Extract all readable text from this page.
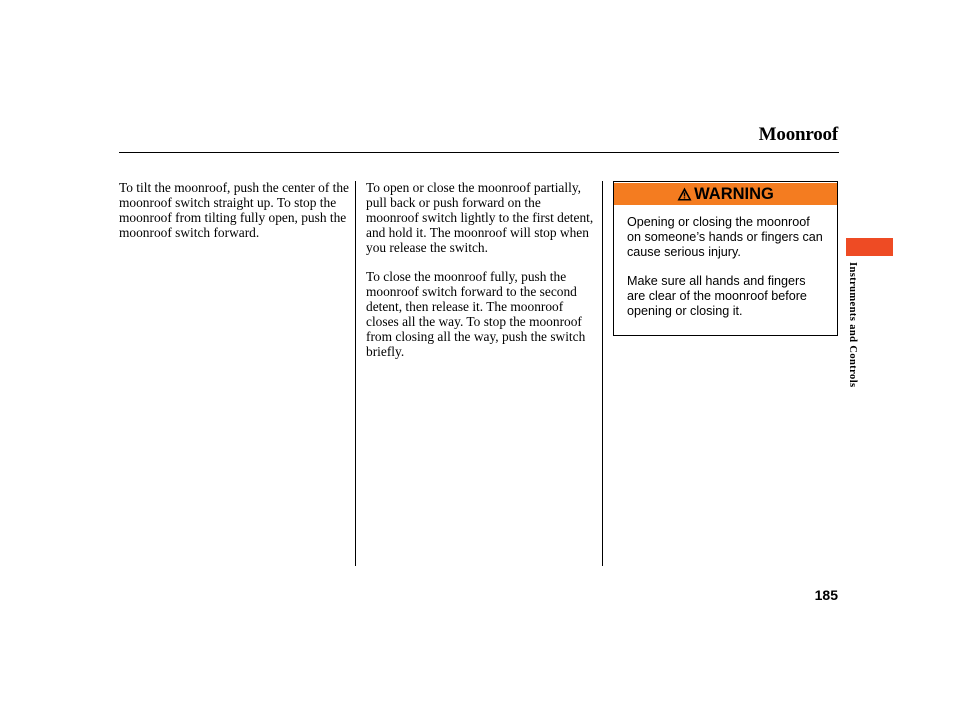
Moonroof

To tilt the moonroof, push the center of the moonroof switch straight up. To stop the moonroof from tilting fully open, push the moonroof switch forward.

To open or close the moonroof partially, pull back or push forward on the moonroof switch lightly to the first detent, and hold it. The moonroof will stop when you release the switch.

To close the moonroof fully, push the moonroof switch forward to the second detent, then release it. The moonroof closes all the way. To stop the moonroof from closing all the way, push the switch briefly.

WARNING

Opening or closing the moonroof on someone’s hands or fingers can cause serious injury.

Make sure all hands and fingers are clear of the moonroof before opening or closing it.	Instruments and Controls
185
